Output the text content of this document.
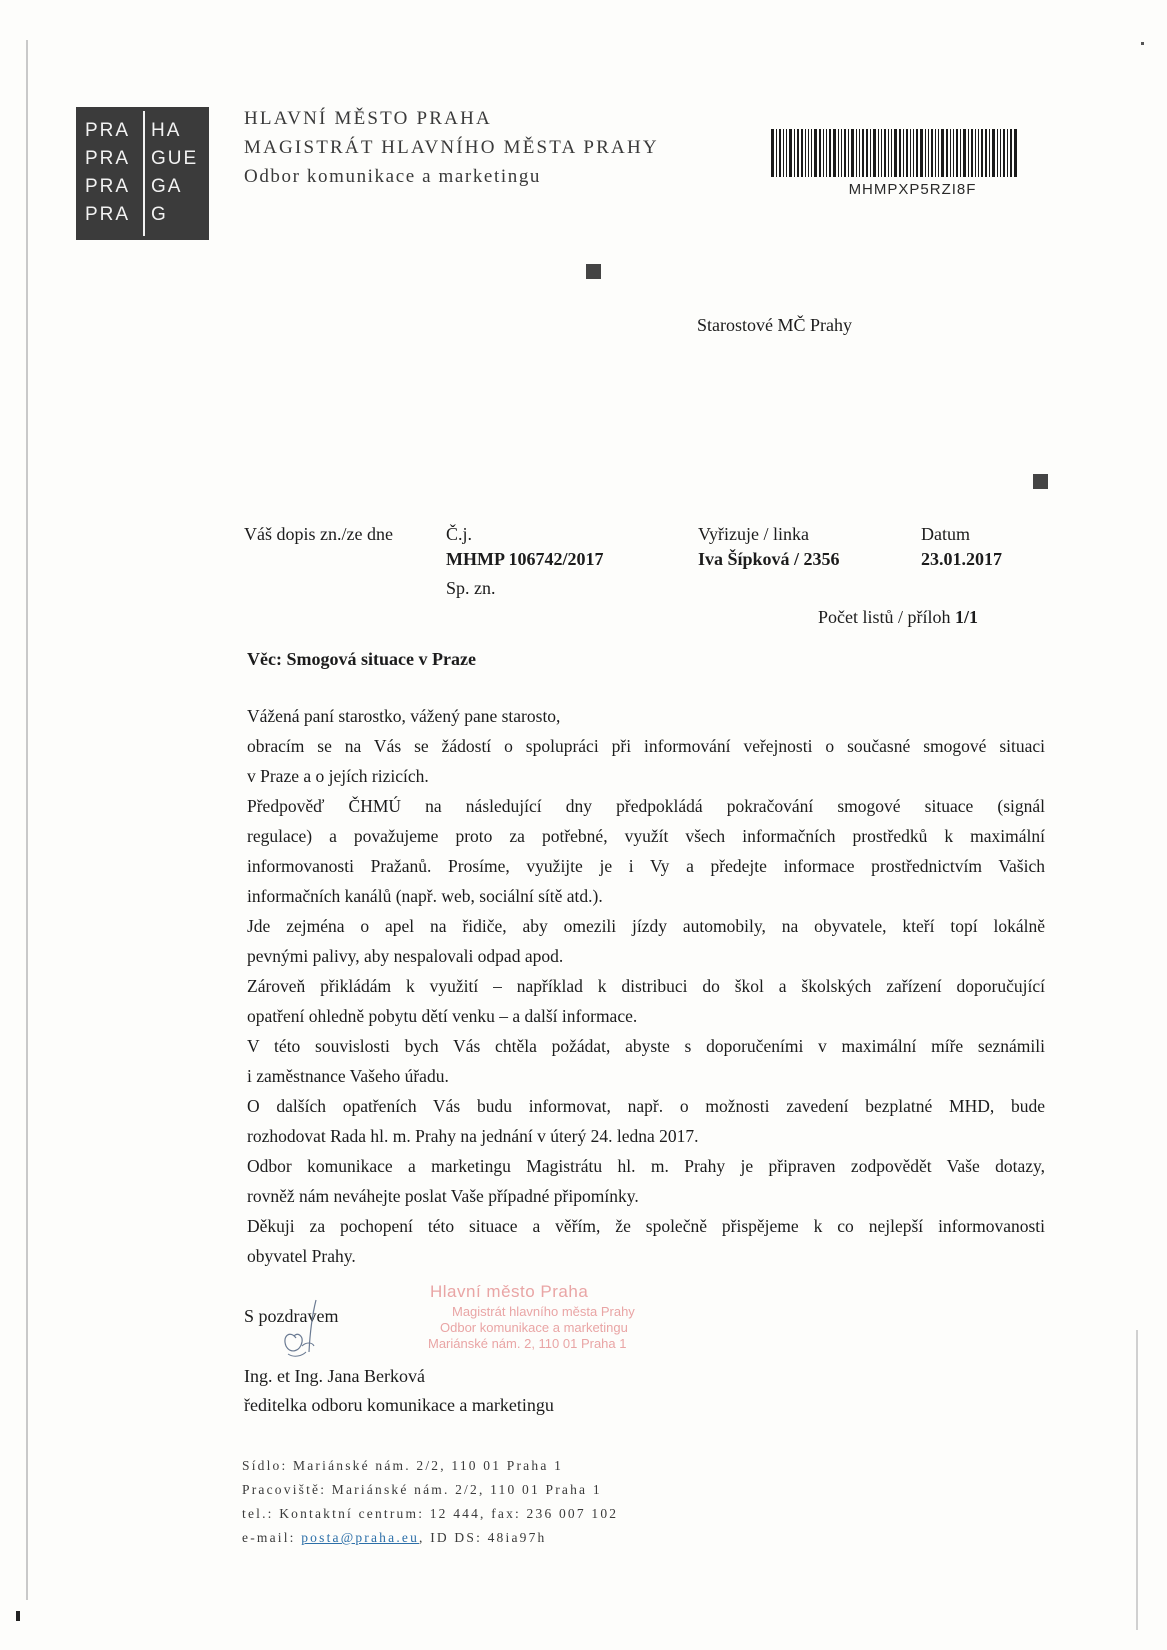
PRA
PRA
PRA
PRA
HA
GUE
GA
G
HLAVNÍ MĚSTO PRAHA
MAGISTRÁT HLAVNÍHO MĚSTA PRAHY
Odbor komunikace a marketingu
MHMPXP5RZI8F
Starostové MČ Prahy
Váš dopis zn./ze dne	Č.j.
MHMP 106742/2017
Sp. zn.
Vyřizuje / linka
Iva Šípková / 2356
Datum
23.01.2017
Počet listů / příloh 1/1
Věc: Smogová situace v Praze
Vážená paní starostko, vážený pane starosto,
obracím se na Vás se žádostí o spolupráci při informování veřejnosti o současné smogové situaci
v Praze a o jejích rizicích.
Předpověď ČHMÚ na následující dny předpokládá pokračování smogové situace (signál
regulace) a považujeme proto za potřebné, využít všech informačních prostředků k maximální
informovanosti Pražanů. Prosíme, využijte je i Vy a předejte informace prostřednictvím Vašich
informačních kanálů (např. web, sociální sítě atd.).
Jde zejména o apel na řidiče, aby omezili jízdy automobily, na obyvatele, kteří topí lokálně
pevnými palivy, aby nespalovali odpad apod.
Zároveň přikládám k využití – například k distribuci do škol a školských zařízení doporučující
opatření ohledně pobytu dětí venku – a další informace.
V této souvislosti bych Vás chtěla požádat, abyste s doporučeními v maximální míře seznámili
i zaměstnance Vašeho úřadu.
O dalších opatřeních Vás budu informovat, např. o možnosti zavedení bezplatné MHD, bude
rozhodovat Rada hl. m. Prahy na jednání v úterý 24. ledna 2017.
Odbor komunikace a marketingu Magistrátu hl. m. Prahy je připraven zodpovědět Vaše dotazy,
rovněž nám neváhejte poslat Vaše případné připomínky.
Děkuji za pochopení této situace a věřím, že společně přispějeme k co nejlepší informovanosti
obyvatel Prahy.
Hlavní město Praha
Magistrát hlavního města Prahy
Odbor komunikace a marketingu
Mariánské nám. 2, 110 01 Praha 1
S pozdravem
Ing. et Ing. Jana Berková
ředitelka odboru komunikace a marketingu
Sídlo: Mariánské nám. 2/2, 110 01 Praha 1
Pracoviště: Mariánské nám. 2/2, 110 01 Praha 1
tel.: Kontaktní centrum: 12 444, fax: 236 007 102
e-mail: posta@praha.eu, ID DS: 48ia97h
